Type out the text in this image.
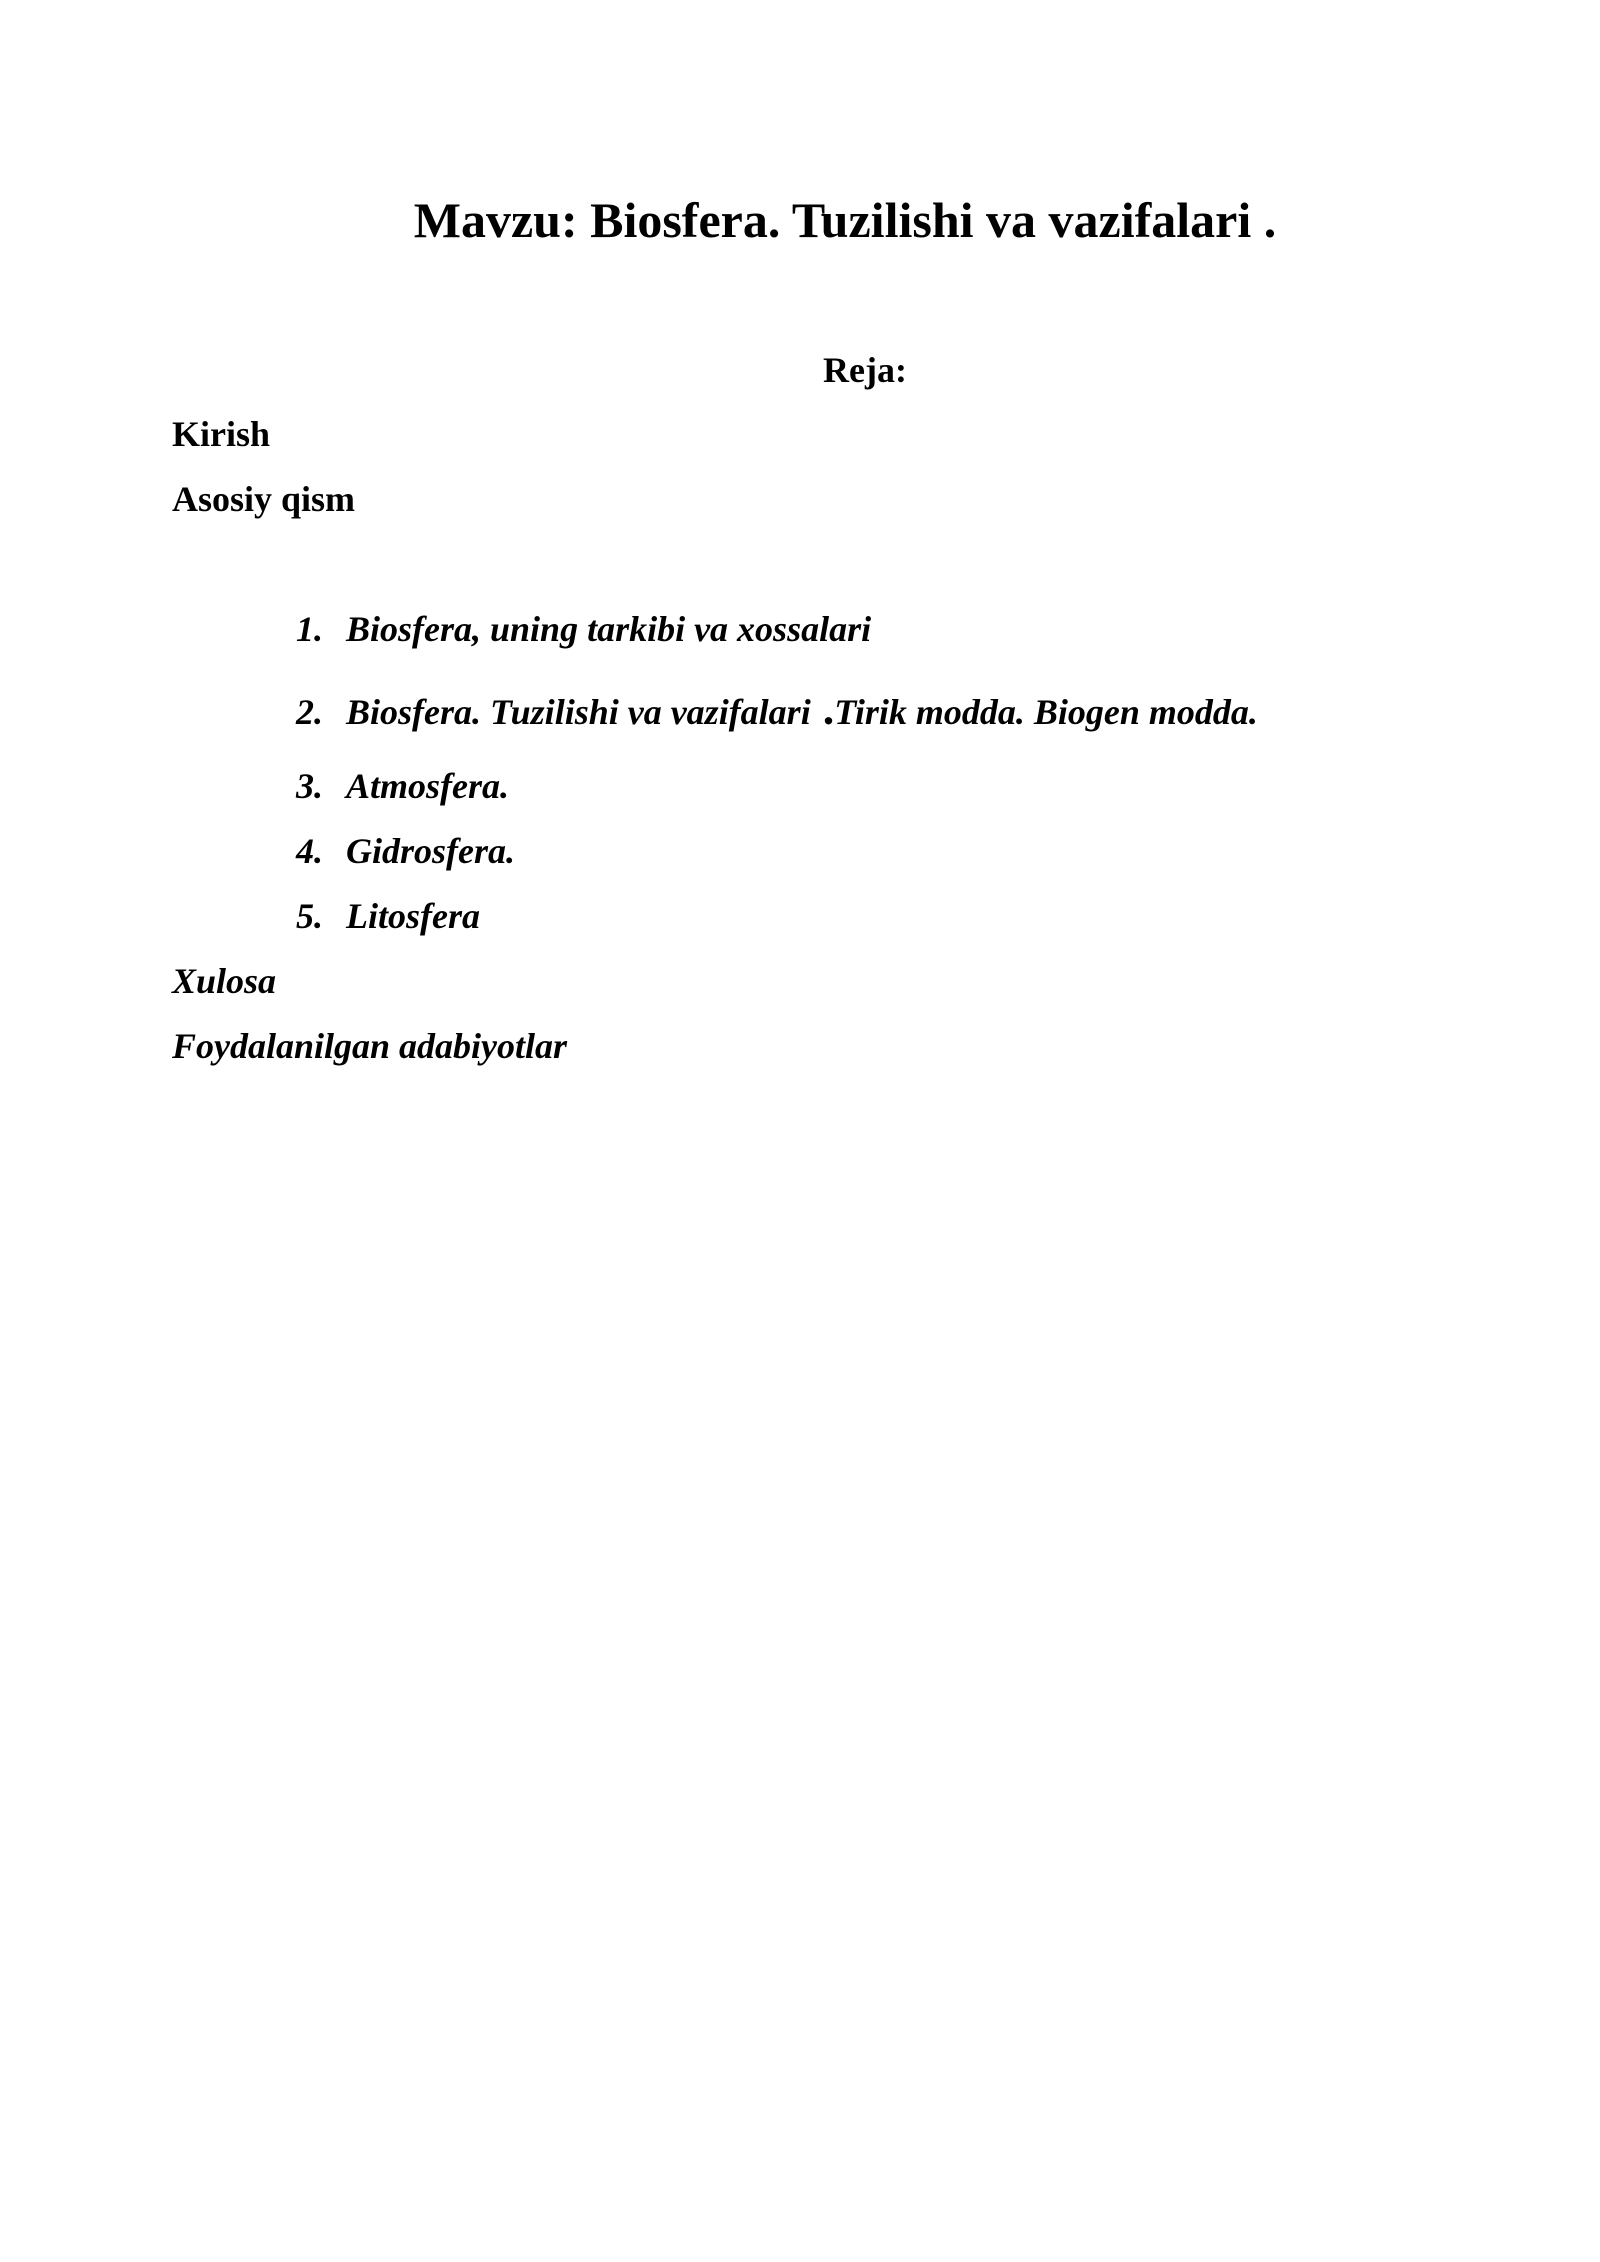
Mavzu: Biosfera. Tuzilishi va vazifalari .
Reja:
Kirish
Asosiy qism
1. Biosfera, uning tarkibi va xossalari
2. Biosfera. Tuzilishi va vazifalari .Tirik modda. Biogen modda.
3. Atmosfera.
4. Gidrosfera.
5. Litosfera
Xulosa
Foydalanilgan adabiyotlar
